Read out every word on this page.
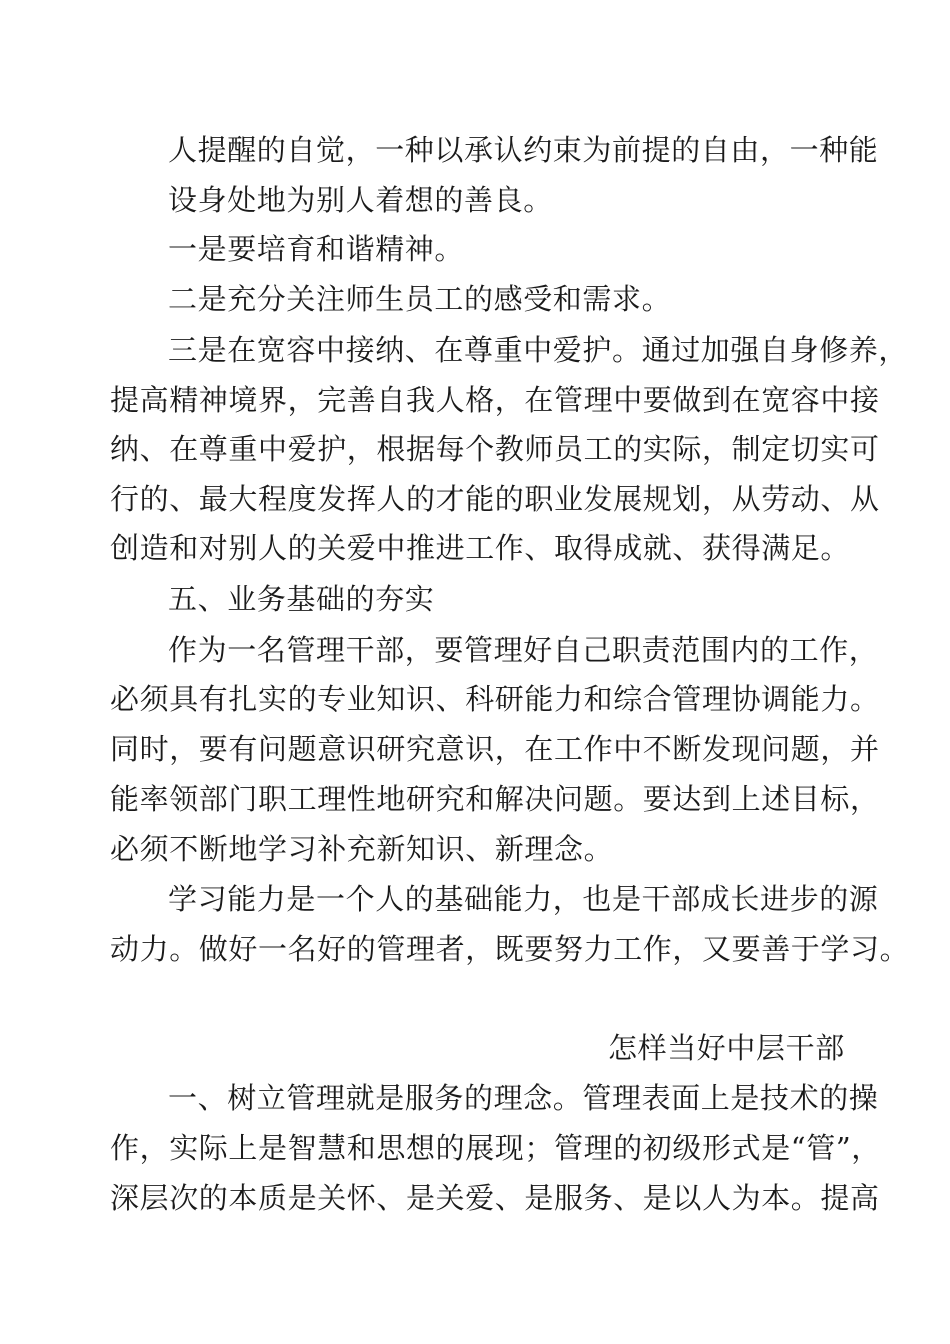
人提醒的自觉，一种以承认约束为前提的自由，一种能
设身处地为别人着想的善良。
一是要培育和谐精神。
二是充分关注师生员工的感受和需求。
三是在宽容中接纳、在尊重中爱护。通过加强自身修养，
提高精神境界，完善自我人格，在管理中要做到在宽容中接
纳、在尊重中爱护，根据每个教师员工的实际，制定切实可
行的、最大程度发挥人的才能的职业发展规划，从劳动、从
创造和对别人的关爱中推进工作、取得成就、获得满足。
五、业务基础的夯实
作为一名管理干部，要管理好自己职责范围内的工作，
必须具有扎实的专业知识、科研能力和综合管理协调能力。
同时，要有问题意识研究意识，在工作中不断发现问题，并
能率领部门职工理性地研究和解决问题。要达到上述目标，
必须不断地学习补充新知识、新理念。
学习能力是一个人的基础能力，也是干部成长进步的源
动力。做好一名好的管理者，既要努力工作，又要善于学习。
怎样当好中层干部
一、树立管理就是服务的理念。管理表面上是技术的操
作，实际上是智慧和思想的展现；管理的初级形式是“管”，
深层次的本质是关怀、是关爱、是服务、是以人为本。提高
